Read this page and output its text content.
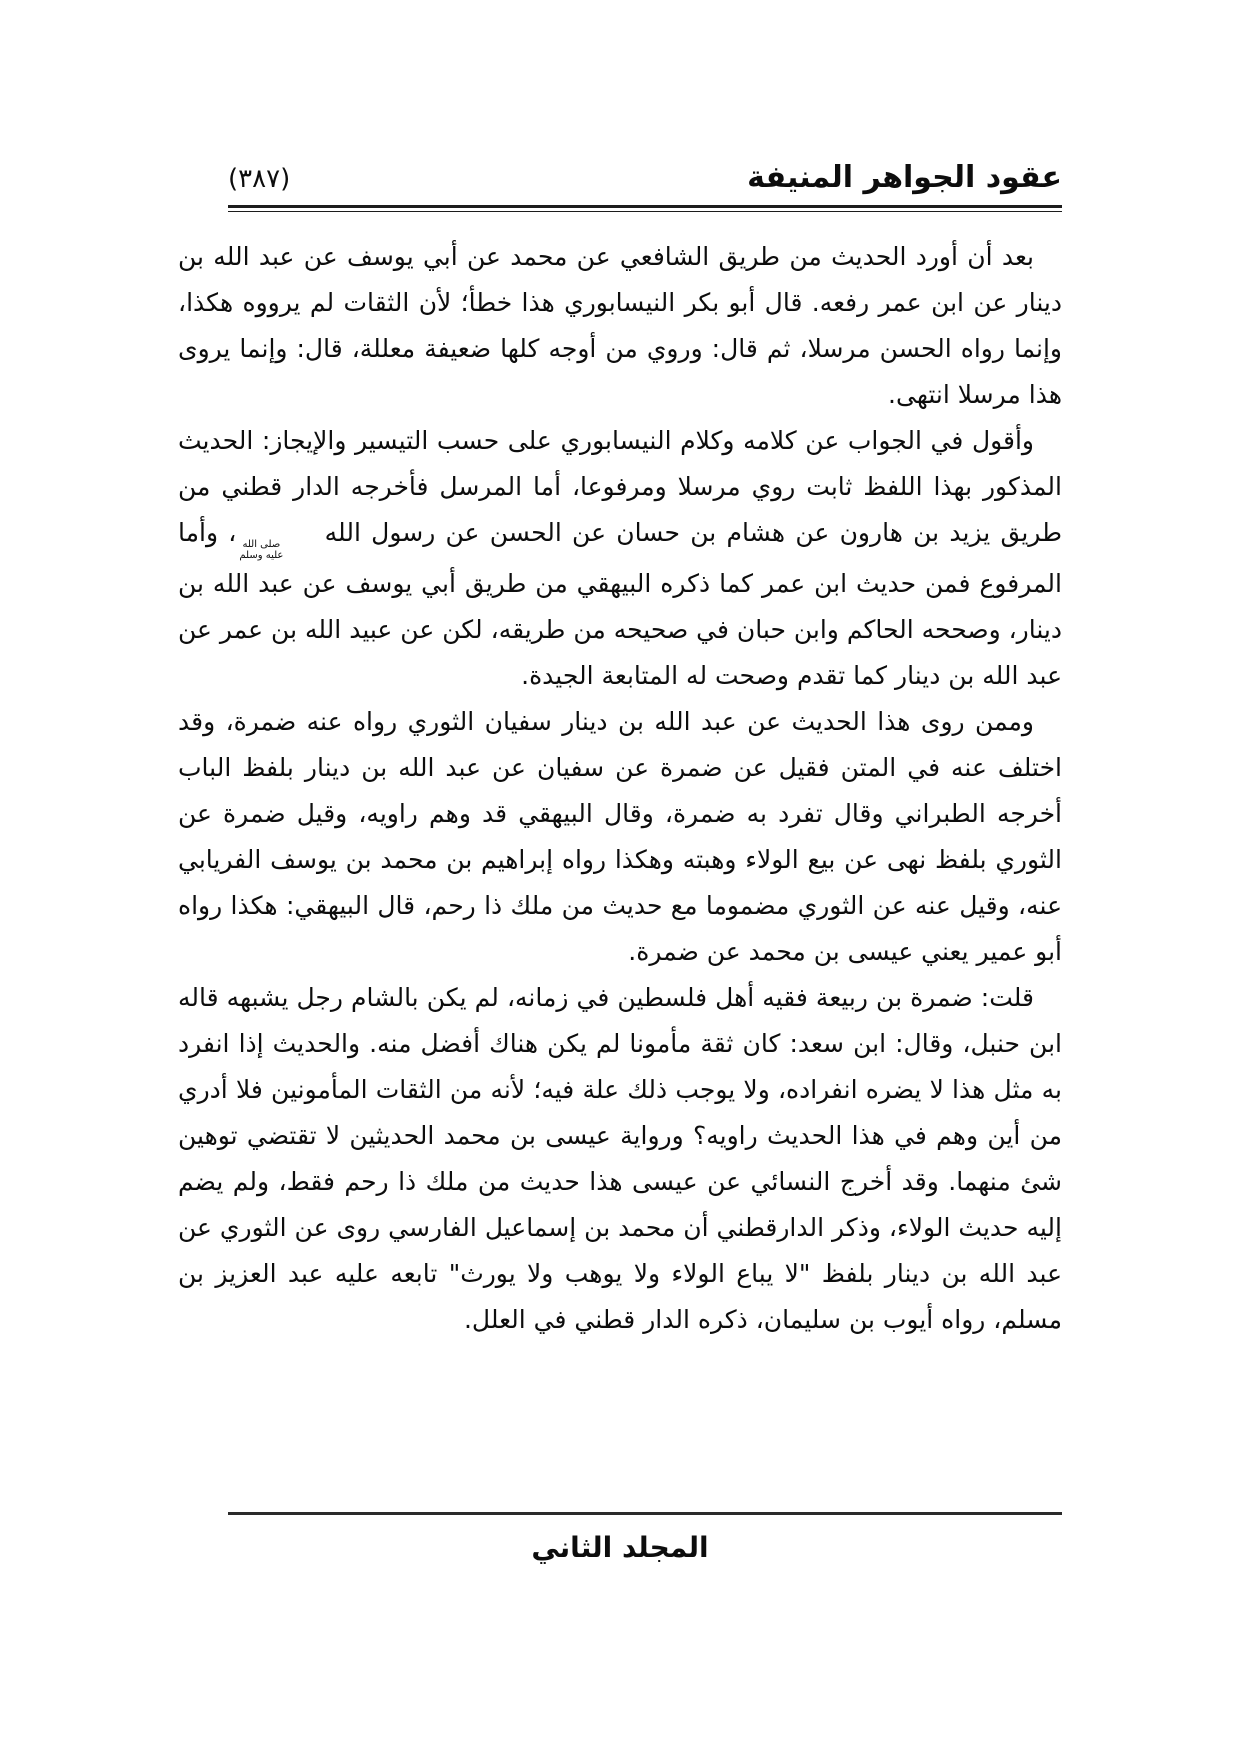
عقود الجواهر المنيفة
(٣٨٧)

بعد أن أورد الحديث من طريق الشافعي عن محمد عن أبي يوسف عن عبد الله بن دينار عن ابن عمر رفعه. قال أبو بكر النيسابوري هذا خطأ؛ لأن الثقات لم يرووه هكذا، وإنما رواه الحسن مرسلا، ثم قال: وروي من أوجه كلها ضعيفة معللة، قال: وإنما يروى هذا مرسلا انتهى.

وأقول في الجواب عن كلامه وكلام النيسابوري على حسب التيسير والإيجاز: الحديث المذكور بهذا اللفظ ثابت روي مرسلا ومرفوعا، أما المرسل فأخرجه الدار قطني من طريق يزيد بن هارون عن هشام بن حسان عن الحسن عن رسول الله
صلى الله
عليه وسلم
، وأما المرفوع فمن حديث ابن عمر كما ذكره البيهقي من طريق أبي يوسف عن عبد الله بن دينار، وصححه الحاكم وابن حبان في صحيحه من طريقه، لكن عن عبيد الله بن عمر عن عبد الله بن دينار كما تقدم وصحت له المتابعة الجيدة.

وممن روى هذا الحديث عن عبد الله بن دينار سفيان الثوري رواه عنه ضمرة، وقد اختلف عنه في المتن فقيل عن ضمرة عن سفيان عن عبد الله بن دينار بلفظ الباب أخرجه الطبراني وقال تفرد به ضمرة، وقال البيهقي قد وهم راويه، وقيل ضمرة عن الثوري بلفظ نهى عن بيع الولاء وهبته وهكذا رواه إبراهيم بن محمد بن يوسف الفريابي عنه، وقيل عنه عن الثوري مضموما مع حديث من ملك ذا رحم، قال البيهقي: هكذا رواه أبو عمير يعني عيسى بن محمد عن ضمرة.

قلت: ضمرة بن ربيعة فقيه أهل فلسطين في زمانه، لم يكن بالشام رجل يشبهه قاله ابن حنبل، وقال: ابن سعد: كان ثقة مأمونا لم يكن هناك أفضل منه. والحديث إذا انفرد به مثل هذا لا يضره انفراده، ولا يوجب ذلك علة فيه؛ لأنه من الثقات المأمونين فلا أدري من أين وهم في هذا الحديث راويه؟ ورواية عيسى بن محمد الحديثين لا تقتضي توهين شئ منهما. وقد أخرج النسائي عن عيسى هذا حديث من ملك ذا رحم فقط، ولم يضم إليه حديث الولاء، وذكر الدارقطني أن محمد بن إسماعيل الفارسي روى عن الثوري عن عبد الله بن دينار بلفظ "لا يباع الولاء ولا يوهب ولا يورث" تابعه عليه عبد العزيز بن مسلم، رواه أيوب بن سليمان، ذكره الدار قطني في العلل.

المجلد الثاني
